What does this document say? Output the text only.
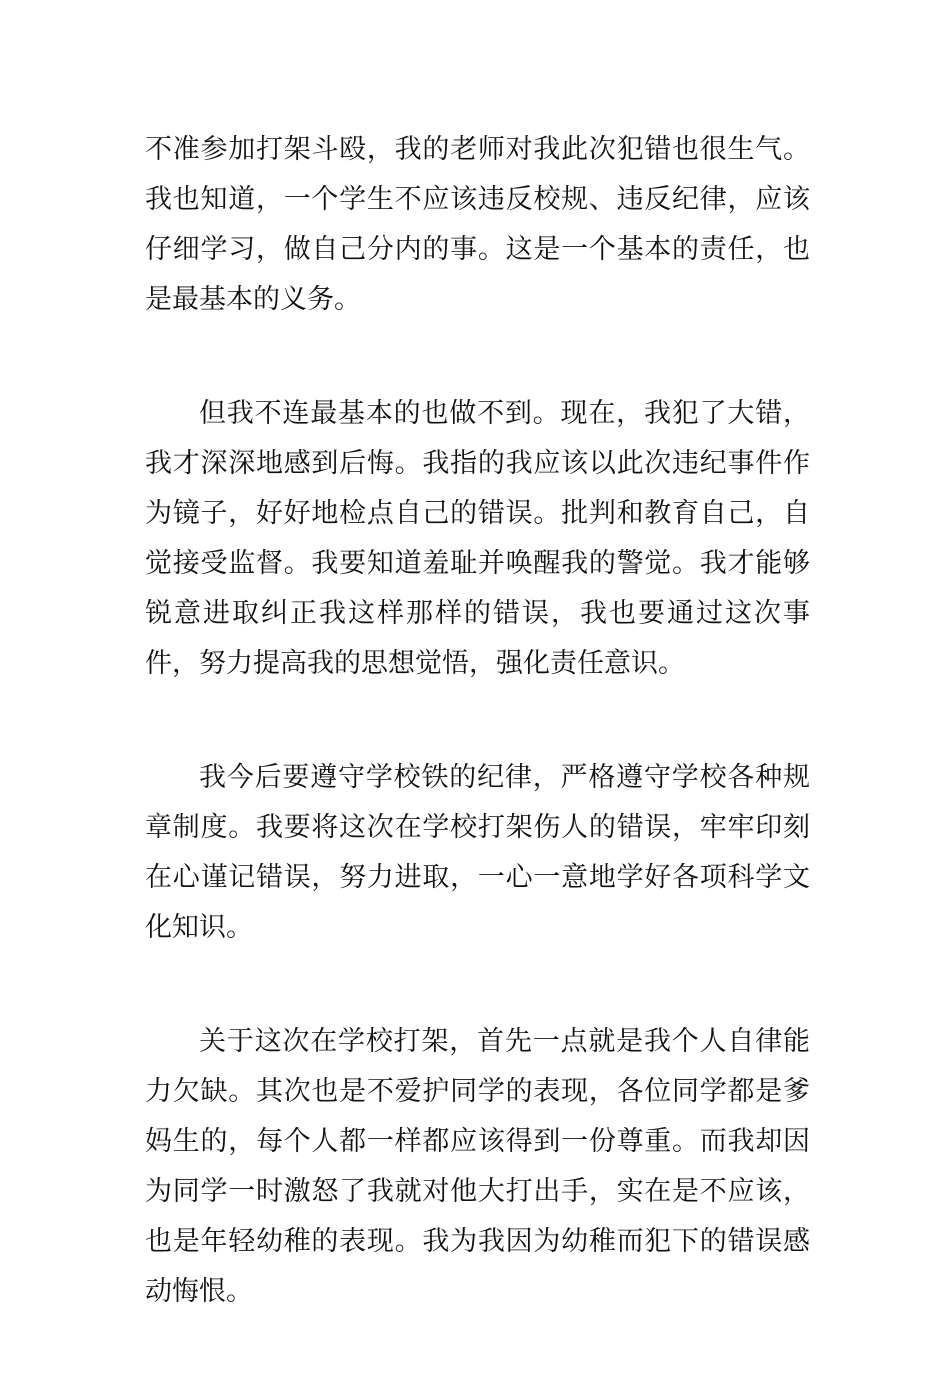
不准参加打架斗殴，我的老师对我此次犯错也很生气。我也知道，一个学生不应该违反校规、违反纪律，应该仔细学习，做自己分内的事。这是一个基本的责任，也是最基本的义务。

但我不连最基本的也做不到。现在，我犯了大错，我才深深地感到后悔。我指的我应该以此次违纪事件作为镜子，好好地检点自己的错误。批判和教育自己，自觉接受监督。我要知道羞耻并唤醒我的警觉。我才能够锐意进取纠正我这样那样的错误，我也要通过这次事件，努力提高我的思想觉悟，强化责任意识。

我今后要遵守学校铁的纪律，严格遵守学校各种规章制度。我要将这次在学校打架伤人的错误，牢牢印刻在心谨记错误，努力进取，一心一意地学好各项科学文化知识。

关于这次在学校打架，首先一点就是我个人自律能力欠缺。其次也是不爱护同学的表现，各位同学都是爹妈生的，每个人都一样都应该得到一份尊重。而我却因为同学一时激怒了我就对他大打出手，实在是不应该，也是年轻幼稚的表现。我为我因为幼稚而犯下的错误感动悔恨。
